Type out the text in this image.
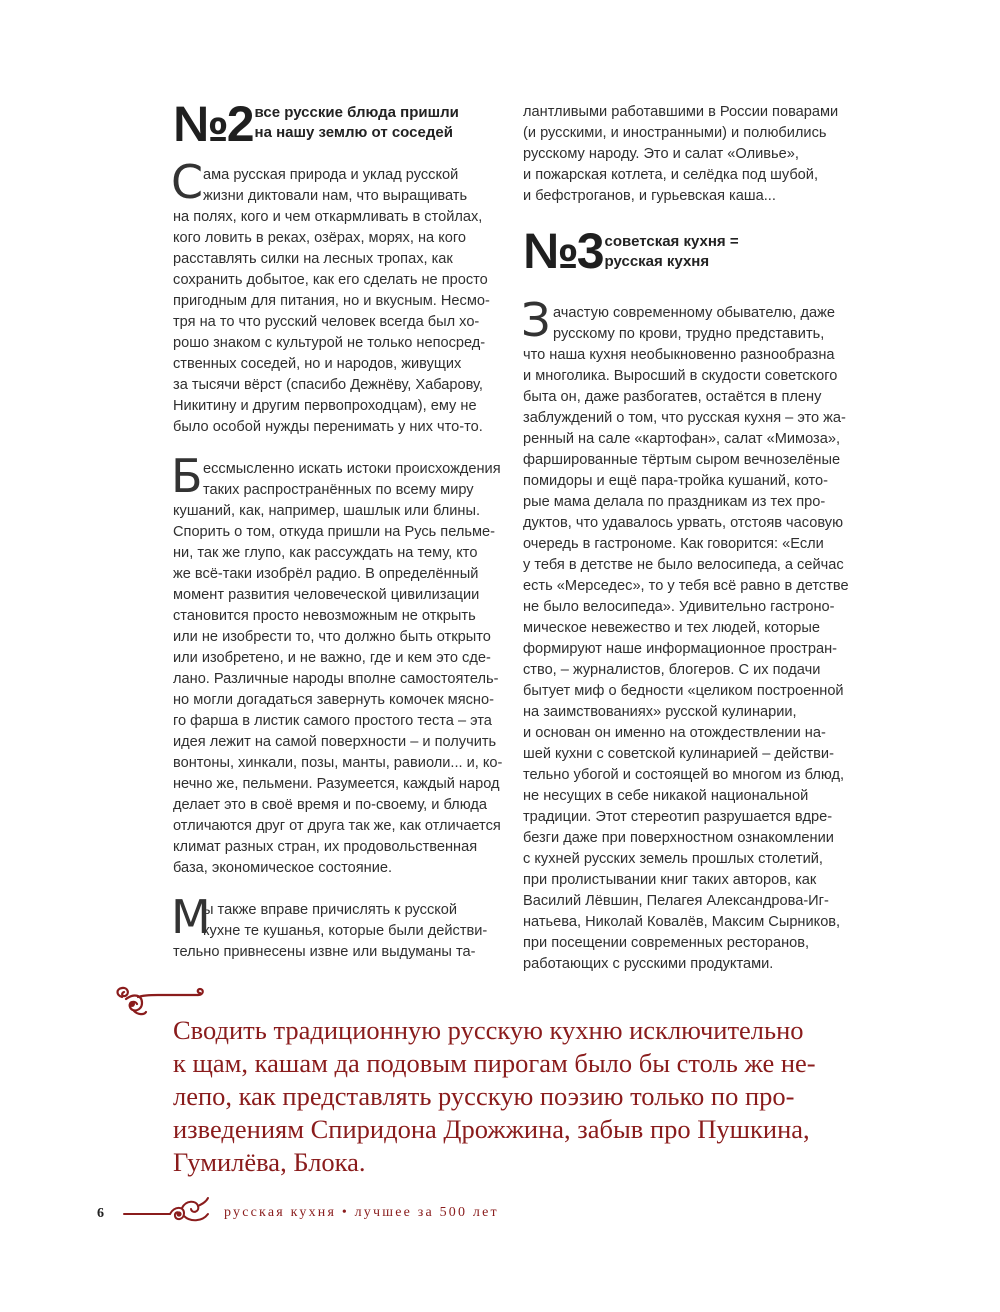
№2 все русские блюда пришли
на нашу землю от соседей
С ама русская природа и уклад русской
жизни диктовали нам, что выращивать
на полях, кого и чем откармливать в стойлах,
кого ловить в реках, озёрах, морях, на кого
расставлять силки на лесных тропах, как
сохранить добытое, как его сделать не просто
пригодным для питания, но и вкусным. Несмо-
тря на то что русский человек всегда был хо-
рошо знаком с культурой не только непосред-
ственных соседей, но и народов, живущих
за тысячи вёрст (спасибо Дежнёву, Хабарову,
Никитину и другим первопроходцам), ему не
было особой нужды перенимать у них что-то.
Б ессмысленно искать истоки происхождения
таких распространённых по всему миру
кушаний, как, например, шашлык или блины.
Спорить о том, откуда пришли на Русь пельме-
ни, так же глупо, как рассуждать на тему, кто
же всё-таки изобрёл радио. В определённый
момент развития человеческой цивилизации
становится просто невозможным не открыть
или не изобрести то, что должно быть открыто
или изобретено, и не важно, где и кем это сде-
лано. Различные народы вполне самостоятель-
но могли догадаться завернуть комочек мясно-
го фарша в листик самого простого теста – эта
идея лежит на самой поверхности – и получить
вонтоны, хинкали, позы, манты, равиоли... и, ко-
нечно же, пельмени. Разумеется, каждый народ
делает это в своё время и по-своему, и блюда
отличаются друг от друга так же, как отличается
климат разных стран, их продовольственная
база, экономическое состояние.
М
ы также вправе причислять к русской
кухне те кушанья, которые были действи-
тельно привнесены извне или выдуманы та-
лантливыми работавшими в России поварами
(и русскими, и иностранными) и полюбились
русскому народу. Это и салат «Оливье»,
и пожарская котлета, и селёдка под шубой,
и бефстроганов, и гурьевская каша...
№3 советская кухня =
русская кухня
З ачастую современному обывателю, даже
русскому по крови, трудно представить,
что наша кухня необыкновенно разнообразна
и многолика. Выросший в скудости советского
быта он, даже разбогатев, остаётся в плену
заблуждений о том, что русская кухня – это жа-
ренный на сале «картофан», салат «Мимоза»,
фаршированные тёртым сыром вечнозелёные
помидоры и ещё пара-тройка кушаний, кото-
рые мама делала по праздникам из тех про-
дуктов, что удавалось урвать, отстояв часовую
очередь в гастрономе. Как говорится: «Если
у тебя в детстве не было велосипеда, а сейчас
есть «Мерседес», то у тебя всё равно в детстве
не было велосипеда». Удивительно гастроно-
мическое невежество и тех людей, которые
формируют наше информационное простран-
ство, – журналистов, блогеров. С их подачи
бытует миф о бедности «целиком построенной
на заимствованиях» русской кулинарии,
и основан он именно на отождествлении на-
шей кухни с советской кулинарией – действи-
тельно убогой и состоящей во многом из блюд,
не несущих в себе никакой национальной
традиции. Этот стереотип разрушается вдре-
безги даже при поверхностном ознакомлении
с кухней русских земель прошлых столетий,
при пролистывании книг таких авторов, как
Василий Лёвшин, Пелагея Александрова-Иг-
натьева, Николай Ковалёв, Максим Сырников,
при посещении современных ресторанов,
работающих с русскими продуктами.
Сводить традиционную русскую кухню исключительно
к щам, кашам да подовым пирогам было бы столь же не-
лепо, как представлять русскую поэзию только по про-
изведениям Спиридона Дрожжина, забыв про Пушкина,
Гумилёва, Блока.
6	русская кухня • лучшее за 500 лет
